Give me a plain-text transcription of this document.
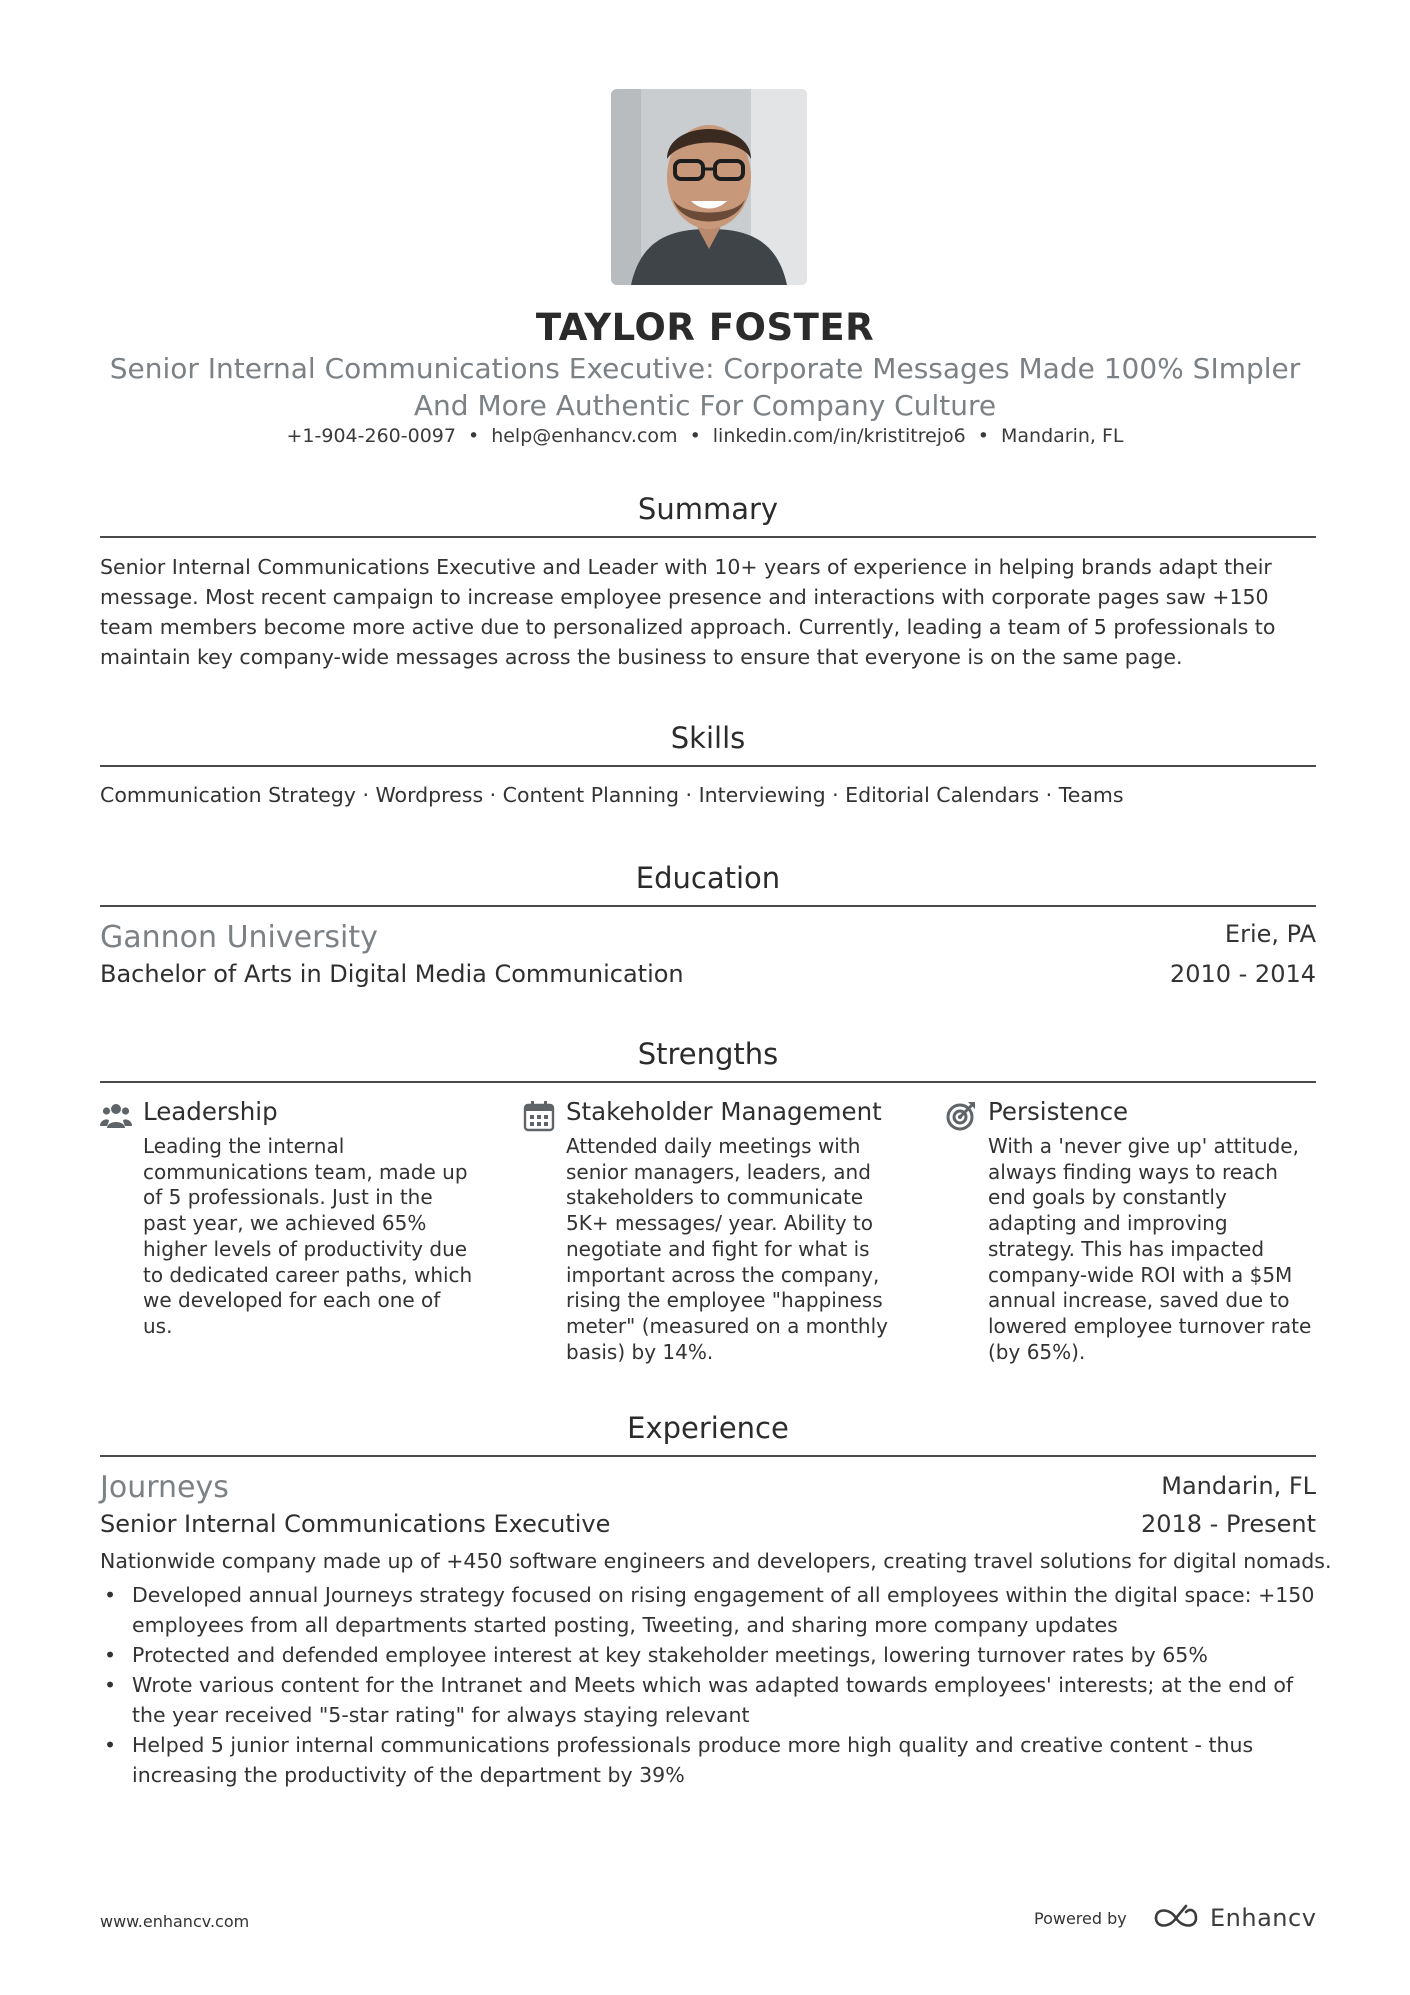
TAYLOR FOSTER
Senior Internal Communications Executive: Corporate Messages Made 100% SImpler
And More Authentic For Company Culture
+1-904-260-0097 • help@enhancv.com • linkedin.com/in/kristitrejo6 • Mandarin, FL
Summary
Senior Internal Communications Executive and Leader with 10+ years of experience in helping brands adapt their message. Most recent campaign to increase employee presence and interactions with corporate pages saw +150 team members become more active due to personalized approach. Currently, leading a team of 5 professionals to maintain key company-wide messages across the business to ensure that everyone is on the same page.
Skills
Communication Strategy · Wordpress · Content Planning · Interviewing · Editorial Calendars · Teams
Education
Gannon University	Erie, PA
Bachelor of Arts in Digital Media Communication	2010 - 2014
Strengths
Leadership
Leading the internal communications team, made up of 5 professionals. Just in the past year, we achieved 65% higher levels of productivity due to dedicated career paths, which we developed for each one of us.
Stakeholder Management
Attended daily meetings with senior managers, leaders, and stakeholders to communicate 5K+ messages/ year. Ability to negotiate and fight for what is important across the company, rising the employee "happiness meter" (measured on a monthly basis) by 14%.
Persistence
With a 'never give up' attitude, always finding ways to reach end goals by constantly adapting and improving strategy. This has impacted company-wide ROI with a $5M annual increase, saved due to lowered employee turnover rate (by 65%).
Experience
Journeys	Mandarin, FL
Senior Internal Communications Executive	2018 - Present
Nationwide company made up of +450 software engineers and developers, creating travel solutions for digital nomads.
• Developed annual Journeys strategy focused on rising engagement of all employees within the digital space: +150 employees from all departments started posting, Tweeting, and sharing more company updates
• Protected and defended employee interest at key stakeholder meetings, lowering turnover rates by 65%
• Wrote various content for the Intranet and Meets which was adapted towards employees' interests; at the end of the year received "5-star rating" for always staying relevant
• Helped 5 junior internal communications professionals produce more high quality and creative content - thus increasing the productivity of the department by 39%
www.enhancv.com	Powered by	Enhancv
